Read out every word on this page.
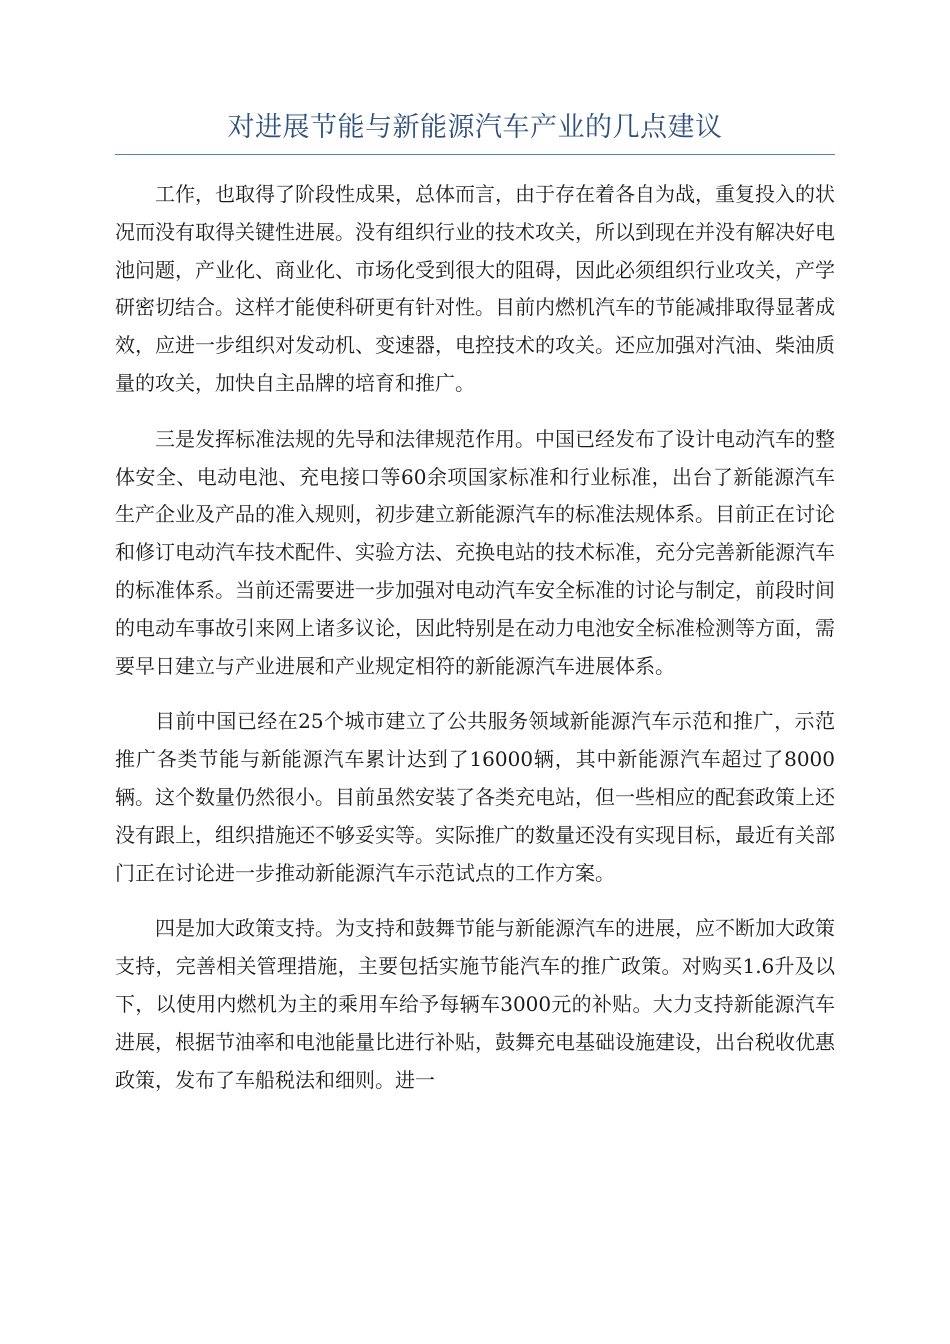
对进展节能与新能源汽车产业的几点建议

工作，也取得了阶段性成果，总体而言，由于存在着各自为战，重复投入的状况而没有取得关键性进展。没有组织行业的技术攻关，所以到现在并没有解决好电池问题，产业化、商业化、市场化受到很大的阻碍，因此必须组织行业攻关，产学研密切结合。这样才能使科研更有针对性。目前内燃机汽车的节能减排取得显著成效，应进一步组织对发动机、变速器，电控技术的攻关。还应加强对汽油、柴油质量的攻关，加快自主品牌的培育和推广。

三是发挥标准法规的先导和法律规范作用。中国已经发布了设计电动汽车的整体安全、电动电池、充电接口等60余项国家标准和行业标准，出台了新能源汽车生产企业及产品的准入规则，初步建立新能源汽车的标准法规体系。目前正在讨论和修订电动汽车技术配件、实验方法、充换电站的技术标准，充分完善新能源汽车的标准体系。当前还需要进一步加强对电动汽车安全标准的讨论与制定，前段时间的电动车事故引来网上诸多议论，因此特别是在动力电池安全标准检测等方面，需要早日建立与产业进展和产业规定相符的新能源汽车进展体系。

目前中国已经在25个城市建立了公共服务领域新能源汽车示范和推广，示范推广各类节能与新能源汽车累计达到了16000辆，其中新能源汽车超过了8000辆。这个数量仍然很小。目前虽然安装了各类充电站，但一些相应的配套政策上还没有跟上，组织措施还不够妥实等。实际推广的数量还没有实现目标，最近有关部门正在讨论进一步推动新能源汽车示范试点的工作方案。

四是加大政策支持。为支持和鼓舞节能与新能源汽车的进展，应不断加大政策支持，完善相关管理措施，主要包括实施节能汽车的推广政策。对购买1.6升及以下，以使用内燃机为主的乘用车给予每辆车3000元的补贴。大力支持新能源汽车进展，根据节油率和电池能量比进行补贴，鼓舞充电基础设施建设，出台税收优惠政策，发布了车船税法和细则。进一
